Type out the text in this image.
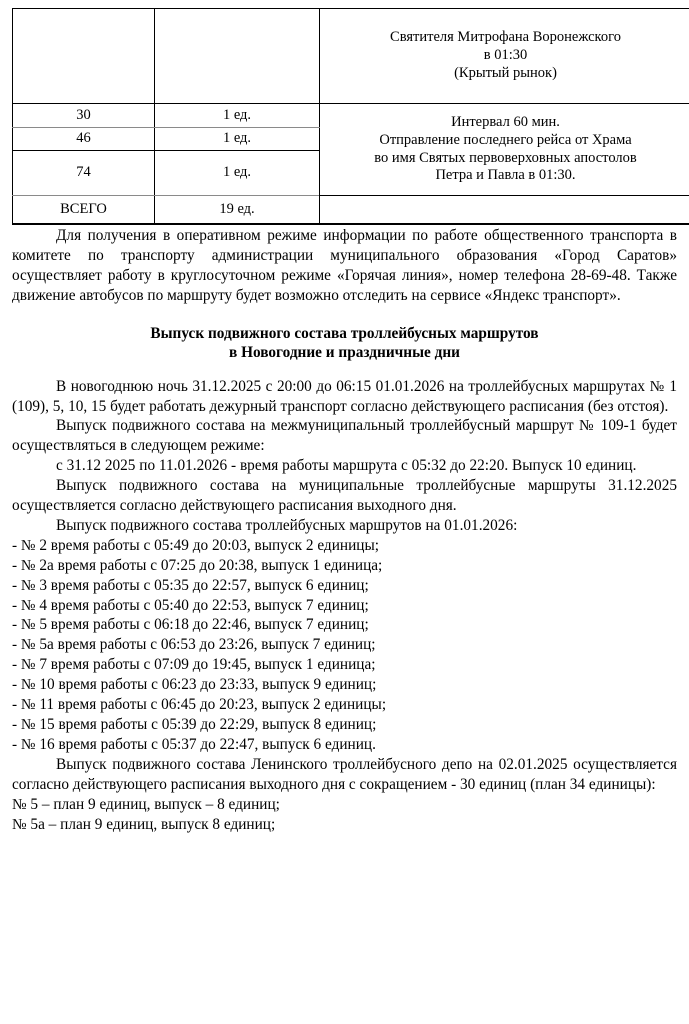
		Святителя Митрофана Воронежского
в 01:30
(Крытый рынок)

30	1 ед.	Интервал 60 мин.
Отправление последнего рейса от Храма
во имя Святых первоверховных апостолов
Петра и Павла в 01:30.

46	1 ед.	
74	1 ед.	
ВСЕГО	19 ед.	

Для получения в оперативном режиме информации по работе общественного транспорта в комитете по транспорту администрации муниципального образования «Город Саратов» осуществляет работу в круглосуточном режиме «Горячая линия», номер телефона 28-69-48. Также движение автобусов по маршруту будет возможно отследить на сервисе «Яндекс транспорт».

Выпуск подвижного состава троллейбусных маршрутов
в Новогодние и праздничные дни

В новогоднюю ночь 31.12.2025 с 20:00 до 06:15 01.01.2026 на троллейбусных маршрутах № 1 (109), 5, 10, 15 будет работать дежурный транспорт согласно действующего расписания (без отстоя).

Выпуск подвижного состава на межмуниципальный троллейбусный маршрут № 109-1 будет осуществляться в следующем режиме:

с 31.12 2025 по 11.01.2026 - время работы маршрута с 05:32 до 22:20. Выпуск 10 единиц.

Выпуск подвижного состава на муниципальные троллейбусные маршруты 31.12.2025 осуществляется согласно действующего расписания выходного дня.

Выпуск подвижного состава троллейбусных маршрутов на 01.01.2026:

- № 2 время работы с 05:49 до 20:03, выпуск 2 единицы;

- № 2а время работы с 07:25 до 20:38, выпуск 1 единица;

- № 3 время работы с 05:35 до 22:57, выпуск 6 единиц;

- № 4 время работы с 05:40 до 22:53, выпуск 7 единиц;

- № 5 время работы с 06:18 до 22:46, выпуск 7 единиц;

- № 5а время работы с 06:53 до 23:26, выпуск 7 единиц;

- № 7 время работы с 07:09 до 19:45, выпуск 1 единица;

- № 10 время работы с 06:23 до 23:33, выпуск 9 единиц;

- № 11 время работы с 06:45 до 20:23, выпуск 2 единицы;

- № 15 время работы с 05:39 до 22:29, выпуск 8 единиц;

- № 16 время работы с 05:37 до 22:47, выпуск 6 единиц.

Выпуск подвижного состава Ленинского троллейбусного депо на 02.01.2025 осуществляется согласно действующего расписания выходного дня с сокращением - 30 единиц (план 34 единицы):

№ 5 – план 9 единиц, выпуск – 8 единиц;

№ 5а – план 9 единиц, выпуск 8 единиц;
